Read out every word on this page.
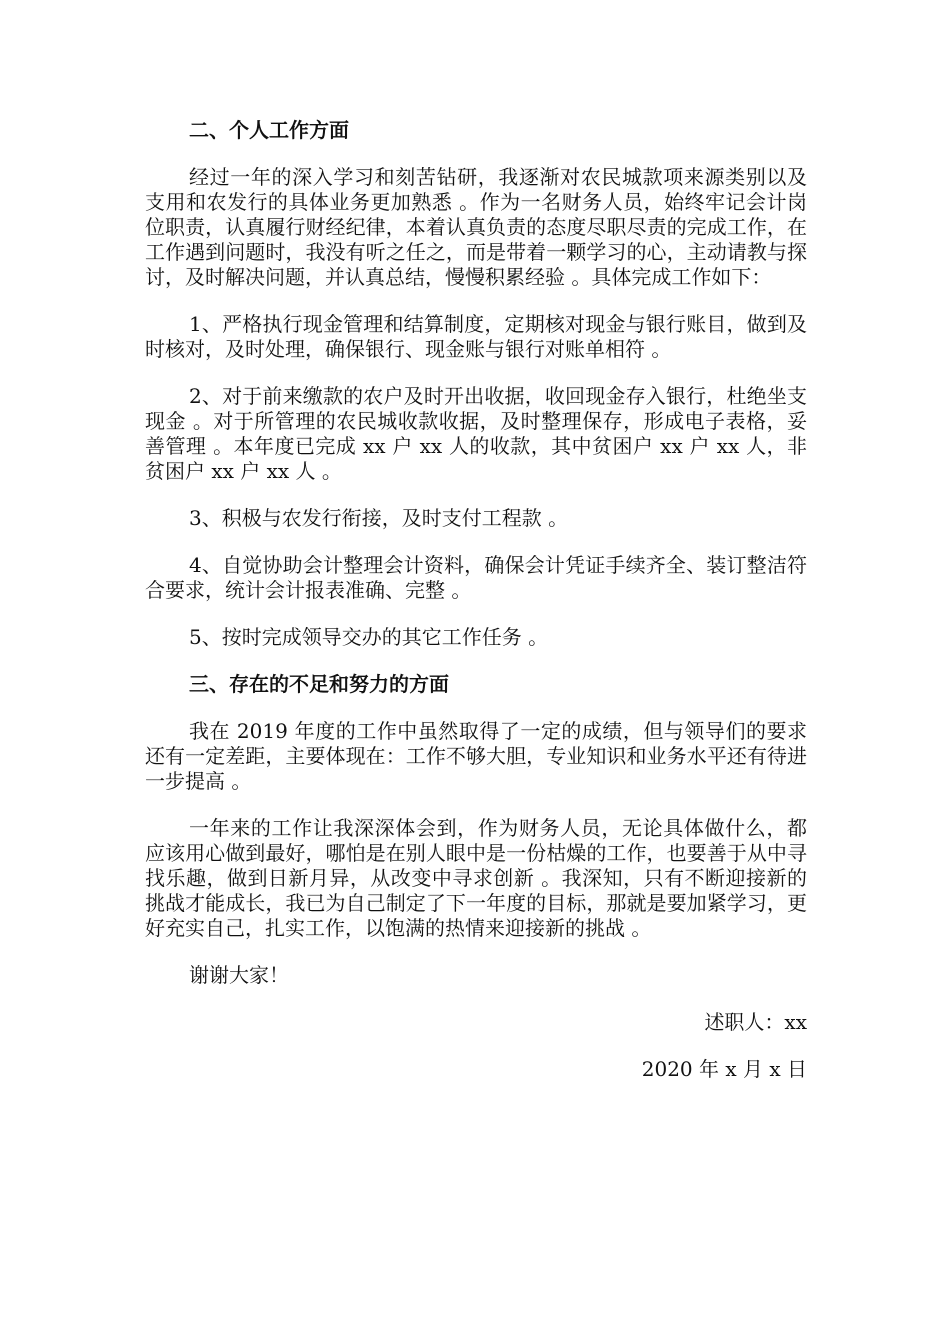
二、个人工作方面

经过一年的深入学习和刻苦钻研，我逐渐对农民城款项来源类别以及支用和农发行的具体业务更加熟悉 。作为一名财务人员，始终牢记会计岗位职责，认真履行财经纪律，本着认真负责的态度尽职尽责的完成工作，在工作遇到问题时，我没有听之任之，而是带着一颗学习的心，主动请教与探讨，及时解决问题，并认真总结，慢慢积累经验 。具体完成工作如下：

1、严格执行现金管理和结算制度，定期核对现金与银行账目，做到及时核对，及时处理，确保银行、现金账与银行对账单相符 。

2、对于前来缴款的农户及时开出收据，收回现金存入银行，杜绝坐支现金 。对于所管理的农民城收款收据，及时整理保存，形成电子表格，妥善管理 。本年度已完成 xx 户 xx 人的收款，其中贫困户 xx 户 xx 人，非贫困户 xx 户 xx 人 。

3、积极与农发行衔接，及时支付工程款 。

4、自觉协助会计整理会计资料，确保会计凭证手续齐全、装订整洁符合要求，统计会计报表准确、完整 。

5、按时完成领导交办的其它工作任务 。

三、存在的不足和努力的方面

我在 2019 年度的工作中虽然取得了一定的成绩，但与领导们的要求还有一定差距，主要体现在：工作不够大胆，专业知识和业务水平还有待进一步提高 。

一年来的工作让我深深体会到，作为财务人员，无论具体做什么，都应该用心做到最好，哪怕是在别人眼中是一份枯燥的工作，也要善于从中寻找乐趣，做到日新月异，从改变中寻求创新 。我深知，只有不断迎接新的挑战才能成长，我已为自己制定了下一年度的目标，那就是要加紧学习，更好充实自己，扎实工作，以饱满的热情来迎接新的挑战 。

谢谢大家！

述职人：xx

2020 年 x 月 x 日
